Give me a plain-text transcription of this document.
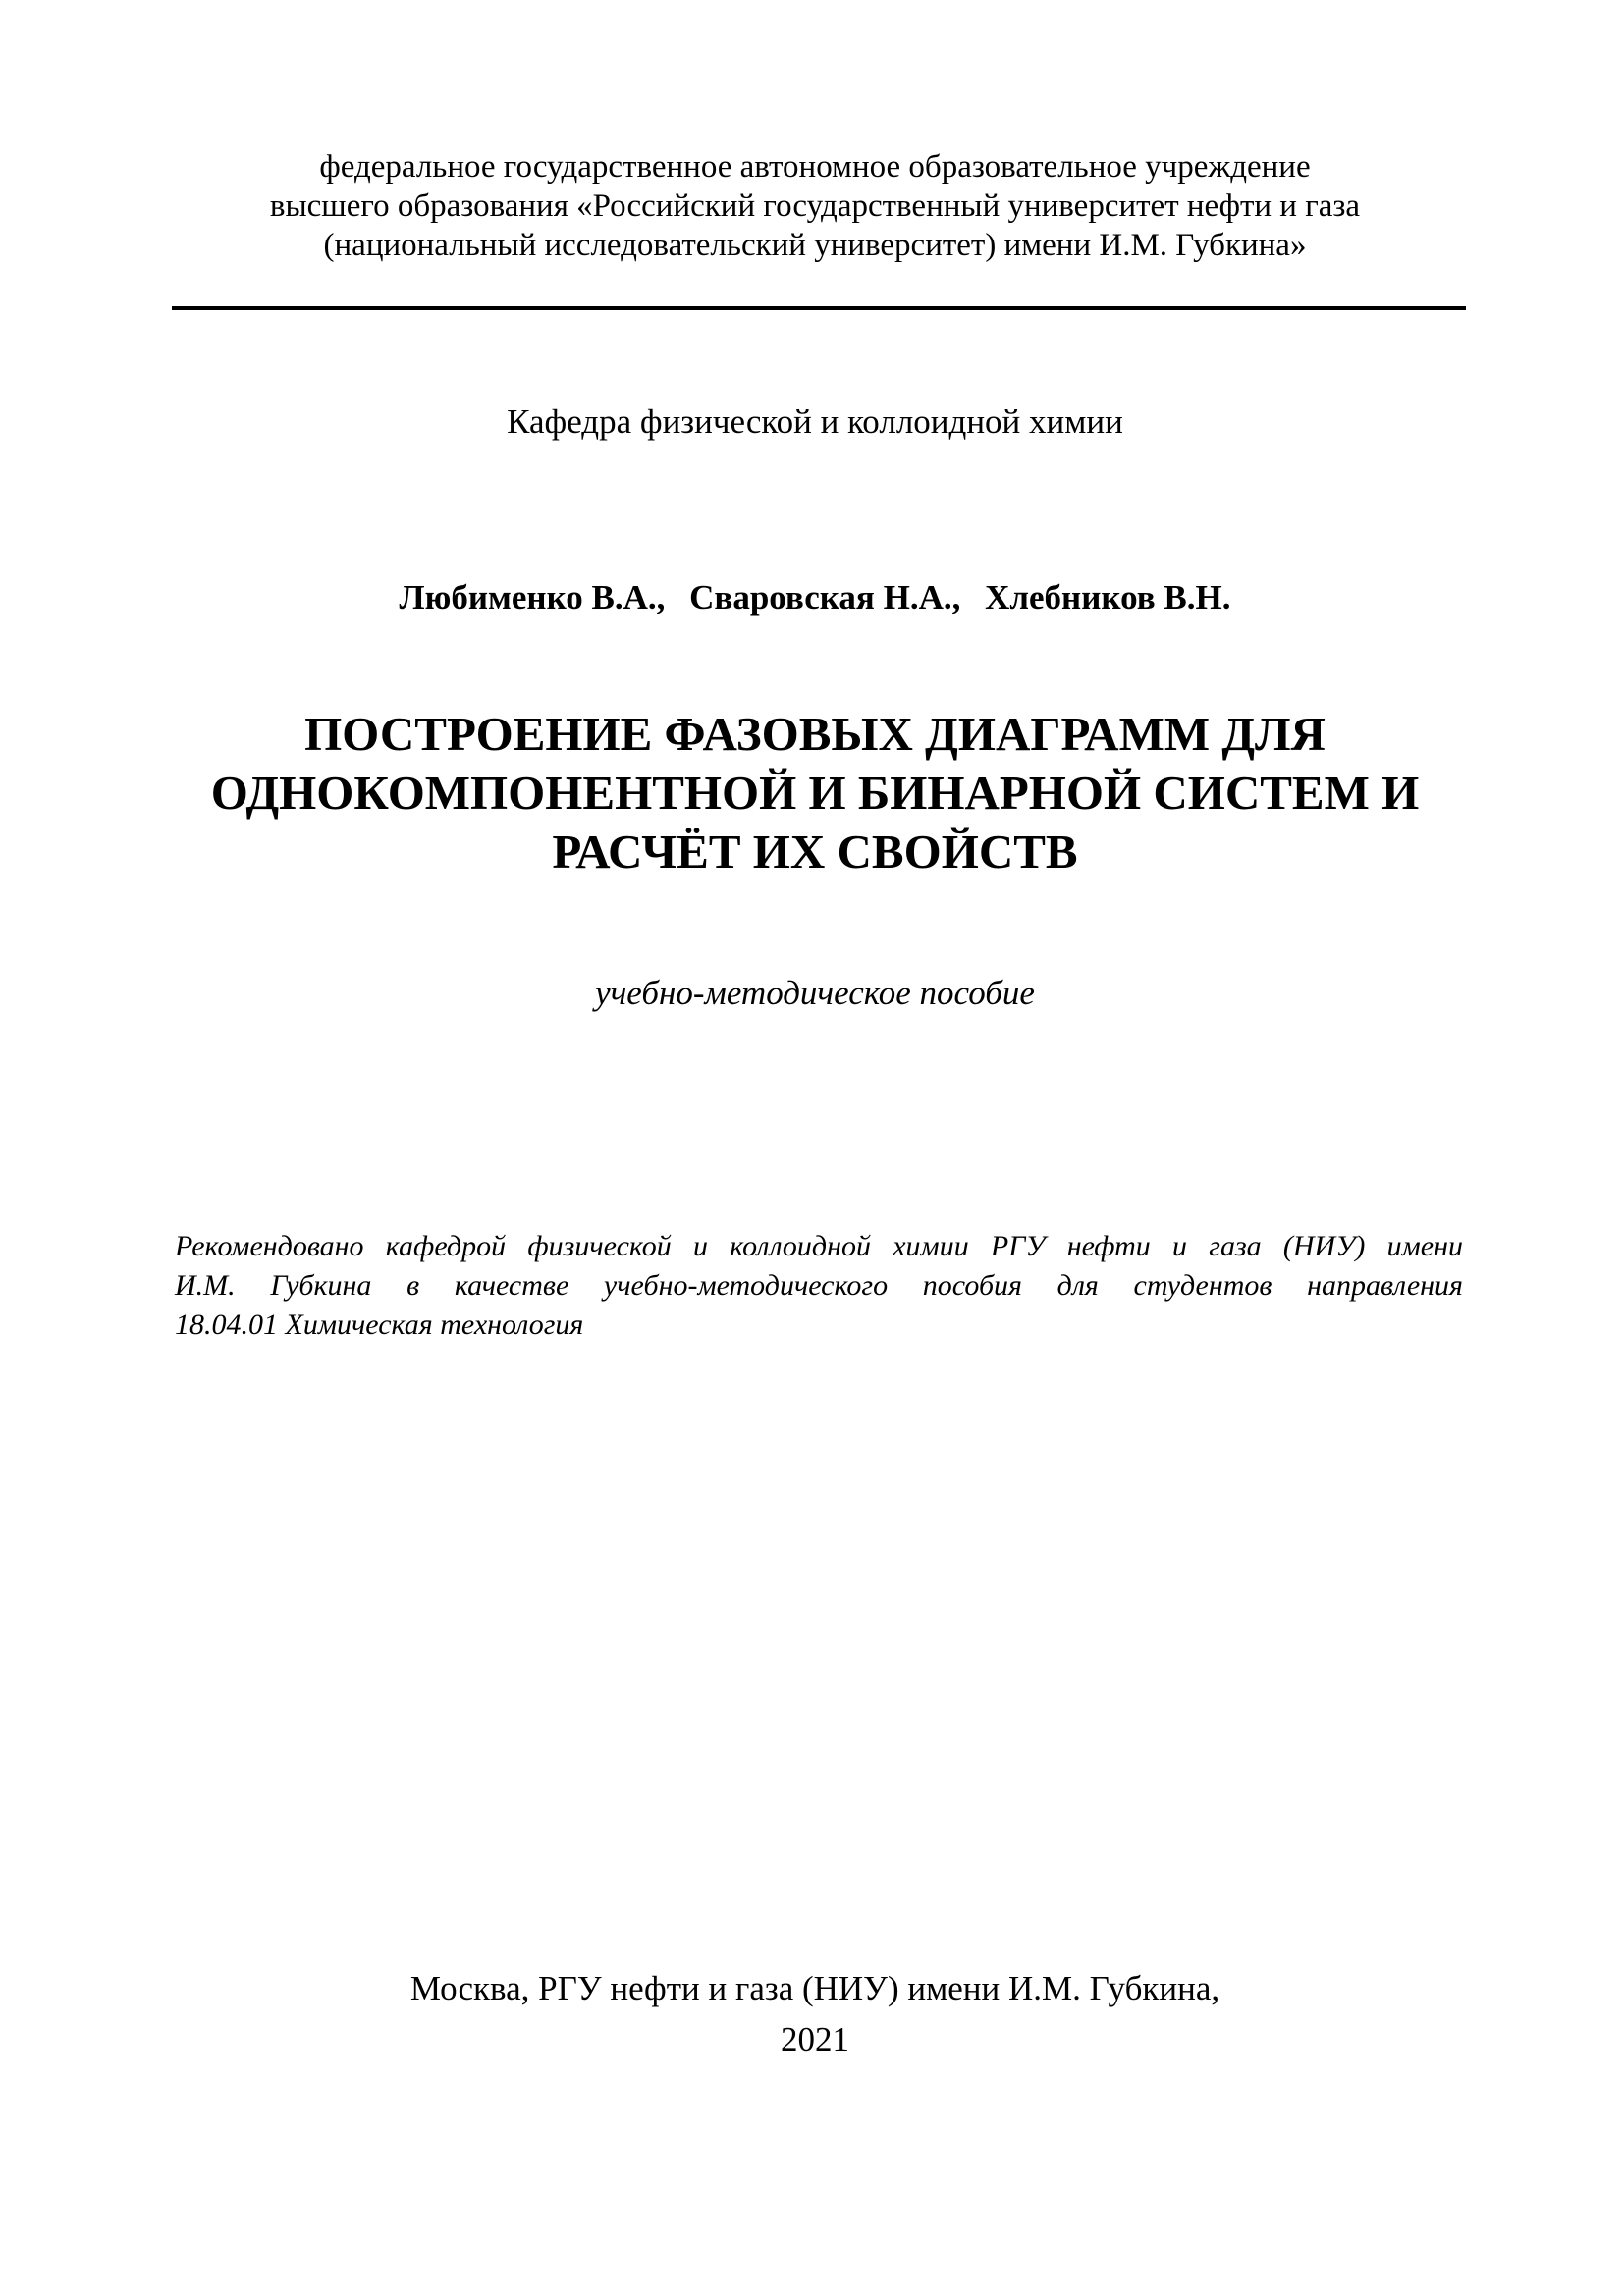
федеральное государственное автономное образовательное учреждение
высшего образования «Российский государственный университет нефти и газа
(национальный исследовательский университет) имени И.М. Губкина»
Кафедра физической и коллоидной химии
Любименко В.А., Сваровская Н.А., Хлебников В.Н.
ПОСТРОЕНИЕ ФАЗОВЫХ ДИАГРАММ ДЛЯ
ОДНОКОМПОНЕНТНОЙ И БИНАРНОЙ СИСТЕМ И
РАСЧЁТ ИХ СВОЙСТВ
учебно-методическое пособие
Рекомендовано кафедрой физической и коллоидной химии РГУ нефти и газа (НИУ) имени
И.М. Губкина в качестве учебно-методического пособия для студентов направления
18.04.01 Химическая технология
Москва, РГУ нефти и газа (НИУ) имени И.М. Губкина,
2021
